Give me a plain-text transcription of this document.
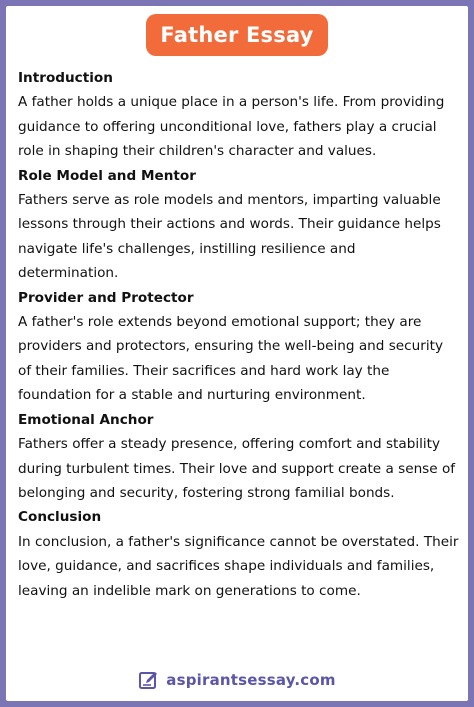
Father Essay
Introduction
A father holds a unique place in a person's life. From providing guidance to offering unconditional love, fathers play a crucial role in shaping their children's character and values.
Role Model and Mentor
Fathers serve as role models and mentors, imparting valuable lessons through their actions and words. Their guidance helps navigate life's challenges, instilling resilience and determination.
Provider and Protector
A father's role extends beyond emotional support; they are providers and protectors, ensuring the well-being and security of their families. Their sacrifices and hard work lay the foundation for a stable and nurturing environment.
Emotional Anchor
Fathers offer a steady presence, offering comfort and stability during turbulent times. Their love and support create a sense of belonging and security, fostering strong familial bonds.
Conclusion
In conclusion, a father's significance cannot be overstated. Their love, guidance, and sacrifices shape individuals and families, leaving an indelible mark on generations to come.
aspirantsessay.com
